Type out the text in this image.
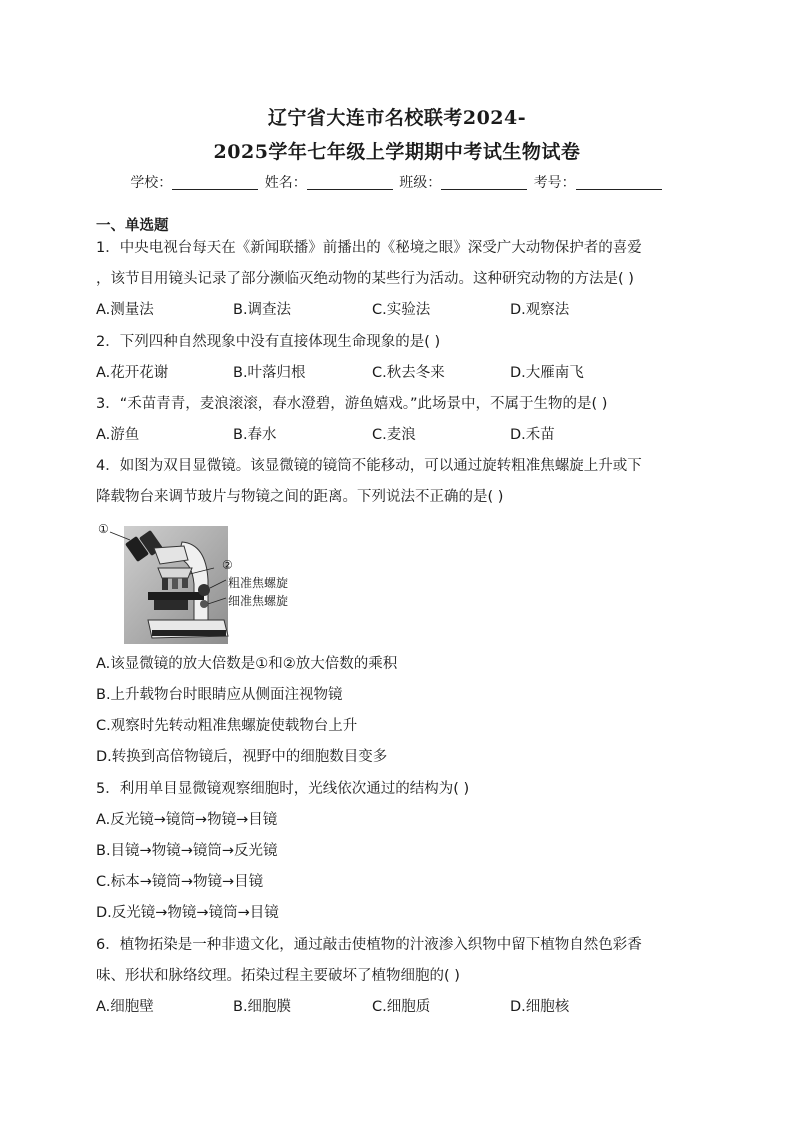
辽宁省大连市名校联考2024-
2025学年七年级上学期期中考试生物试卷
学校：	姓名：	班级：	考号：
一、单选题
1．中央电视台每天在《新闻联播》前播出的《秘境之眼》深受广大动物保护者的喜爱
，该节目用镜头记录了部分濒临灭绝动物的某些行为活动。这种研究动物的方法是( )
A.测量法	B.调查法	C.实验法	D.观察法
2．下列四种自然现象中没有直接体现生命现象的是( )
A.花开花谢	B.叶落归根	C.秋去冬来	D.大雁南飞
3．“禾苗青青，麦浪滚滚，春水澄碧，游鱼嬉戏。”此场景中，不属于生物的是( )
A.游鱼	B.春水	C.麦浪	D.禾苗
4．如图为双目显微镜。该显微镜的镜筒不能移动，可以通过旋转粗准焦螺旋上升或下
降载物台来调节玻片与物镜之间的距离。下列说法不正确的是( )
①
②
粗准焦螺旋
细准焦螺旋
A.该显微镜的放大倍数是①和②放大倍数的乘积
B.上升载物台时眼睛应从侧面注视物镜
C.观察时先转动粗准焦螺旋使载物台上升
D.转换到高倍物镜后，视野中的细胞数目变多
5．利用单目显微镜观察细胞时，光线依次通过的结构为( )
A.反光镜→镜筒→物镜→目镜
B.目镜→物镜→镜筒→反光镜
C.标本→镜筒→物镜→目镜
D.反光镜→物镜→镜筒→目镜
6．植物拓染是一种非遗文化，通过敲击使植物的汁液渗入织物中留下植物自然色彩香
味、形状和脉络纹理。拓染过程主要破坏了植物细胞的( )
A.细胞壁	B.细胞膜	C.细胞质	D.细胞核
